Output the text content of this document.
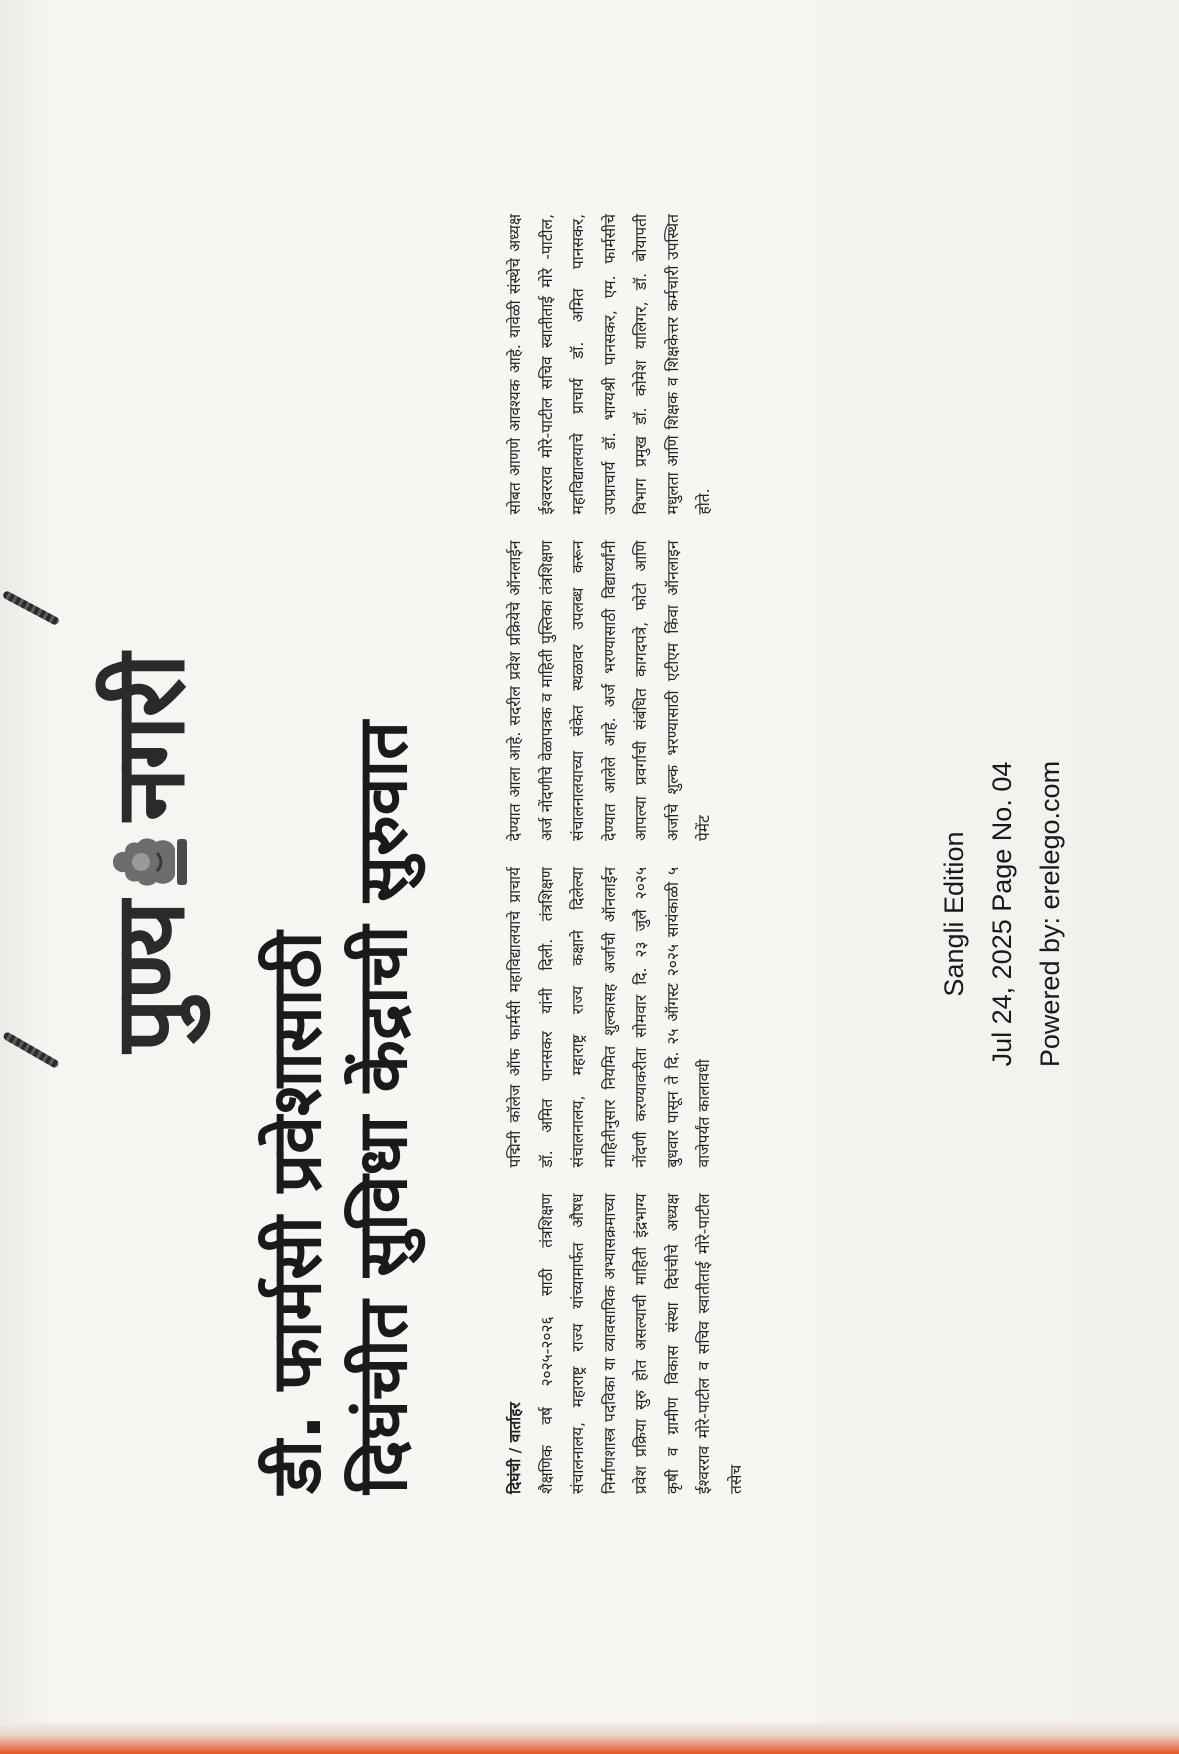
पुण्य
नगरी
डी. फार्मसी प्रवेशासाठी दिघंचीत सुविधा केंद्राची सुरुवात	दिघंची / वार्ताहर शैक्षणिक वर्ष २०२५-२०२६ साठी तंत्रशिक्षण संचालनालय, महाराष्ट्र राज्य यांच्यामार्फत औषध निर्माणशास्त्र पदविका या व्यावसायिक अभ्यासक्रमाच्या प्रवेश प्रक्रिया सुरु होत असल्याची माहिती इंद्रभाग्य कृषी व ग्रामीण विकास संस्था दिघंचीचे अध्यक्ष ईश्वरराव मोरे-पाटील व सचिव स्वातीताई मोरे-पाटील तसेच

पद्मिनी कॉलेज ऑफ फार्मसी महाविद्यालयाचे प्राचार्य डॉ. अमित पानसकर यांनी दिली. तंत्रशिक्षण संचालनालय, महाराष्ट्र राज्य कक्षाने दिलेल्या माहितीनुसार नियमित शुल्कासह अर्जाची ऑनलाईन नोंदणी करण्याकरीता सोमवार दि. २३ जुलै २०२५ बुधवार पासून ते दि. २५ ऑगस्ट २०२५ सायंकाळी ५ वाजेपर्यंत कालावधी

देण्यात आला आहे. सदरील प्रवेश प्रक्रियेचे ऑनलाईन अर्ज नोंदणीचे वेळापत्रक व माहिती पुस्तिका तंत्रशिक्षण संचालनालयाच्या संकेत स्थळावर उपलब्ध करून देण्यात आलेले आहे. अर्ज भरण्यासाठी विद्यार्थ्यांनी आपल्या प्रवर्गाची संबंधित कागदपत्रे, फोटो आणि अर्जाचे शुल्क भरण्यासाठी एटीएम किंवा ऑनलाइन पेमेंट

सोबत आणणे आवश्यक आहे. यावेळी संस्थेचे अध्यक्ष ईश्वरराव मोरे-पाटील सचिव स्वातीताई मोरे -पाटील, महाविद्यालयाचे प्राचार्य डॉ. अमित पानसकर, उपप्राचार्य डॉ. भाग्यश्री पानसकर, एम. फार्मसीचे विभाग प्रमुख डॉ. कोमेश यालिगर, डॉ. बोयापती मधुलता आणि शिक्षक व शिक्षकेत्तर कर्मचारी उपस्थित होते.

Sangli Edition Jul 24, 2025 Page No. 04 Powered by: erelego.com
